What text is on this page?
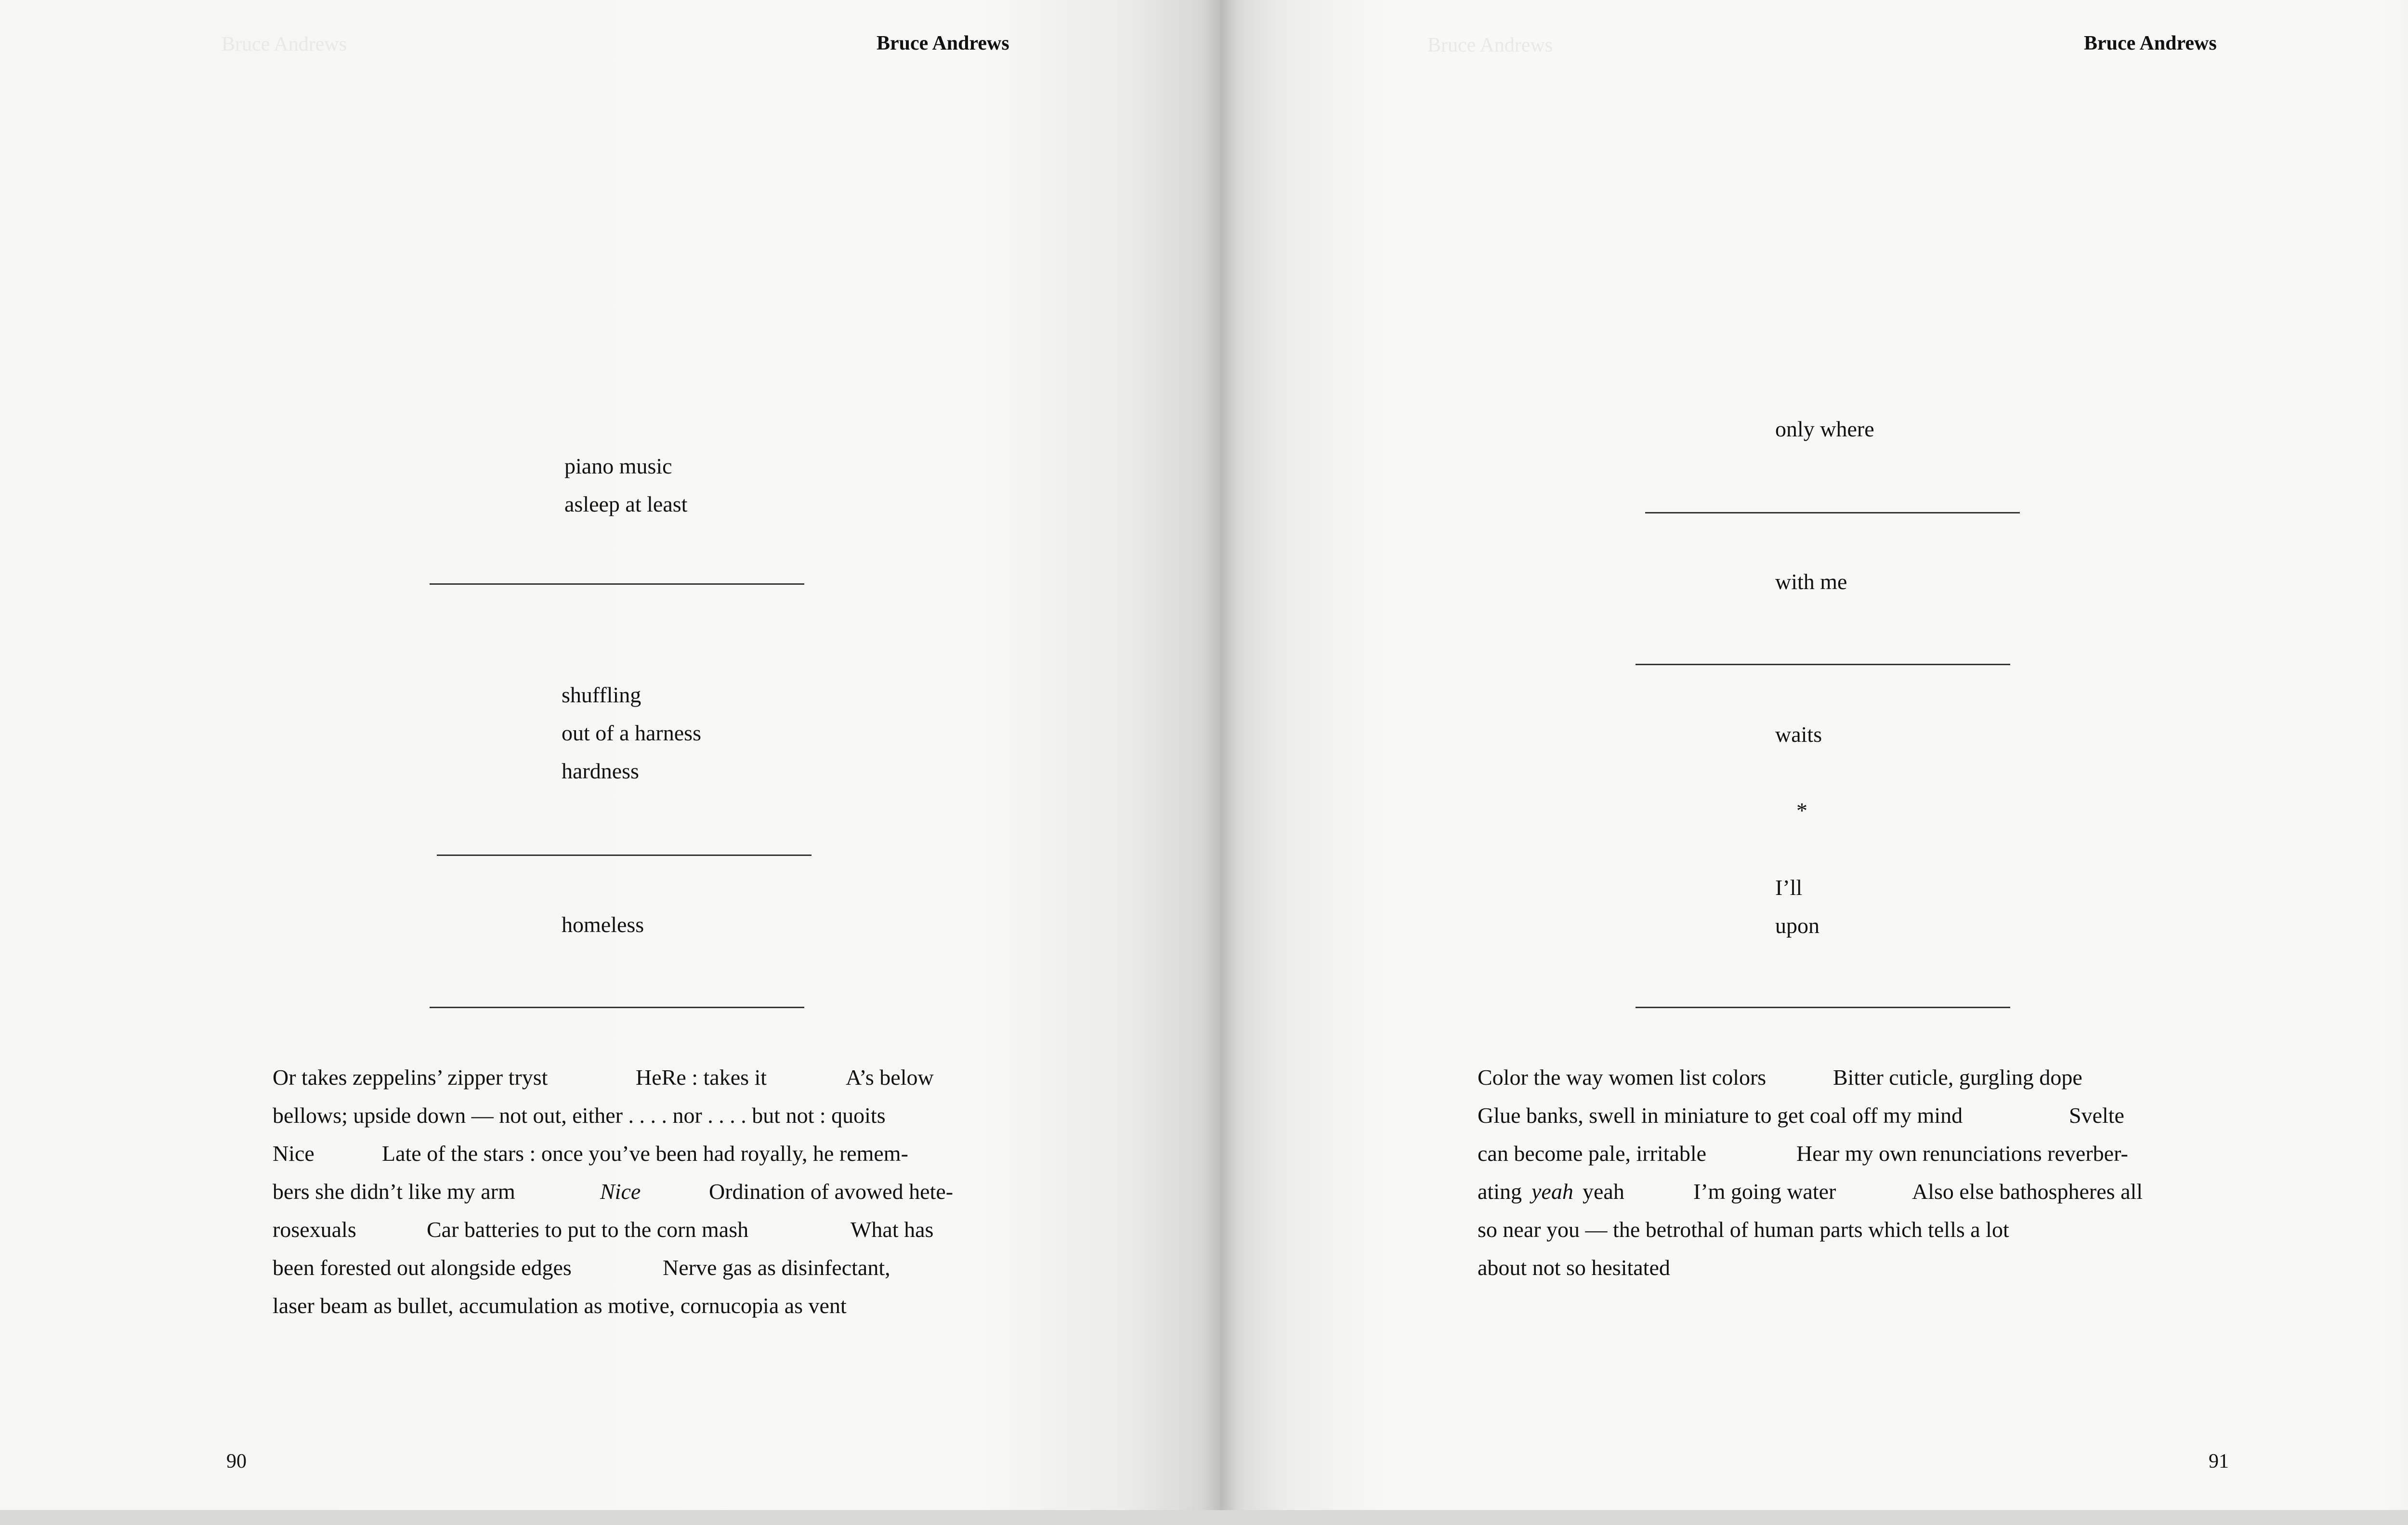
Bruce Andrews	Bruce Andrews
piano music
asleep at least
shuffling
out of a harness
hardness
homeless
Or takes zeppelins’ zipper tryst	HeRe : takes it	A’s below
bellows; upside down — not out, either . . . . nor . . . . but not : quoits
Nice	Late of the stars : once you’ve been had royally, he remem-
bers she didn’t like my arm	Nice	Ordination of avowed hete-
rosexuals	Car batteries to put to the corn mash	What has
been forested out alongside edges	Nerve gas as disinfectant,
laser beam as bullet, accumulation as motive, cornucopia as vent
90
Bruce Andrews	Bruce Andrews
only where
with me
waits
*
I’ll
upon
Color the way women list colors	Bitter cuticle, gurgling dope
Glue banks, swell in miniature to get coal off my mind	Svelte
can become pale, irritable	Hear my own renunciations reverber-
ating yeah yeah	I’m going water	Also else bathospheres all
so near you — the betrothal of human parts which tells a lot
about not so hesitated
91
